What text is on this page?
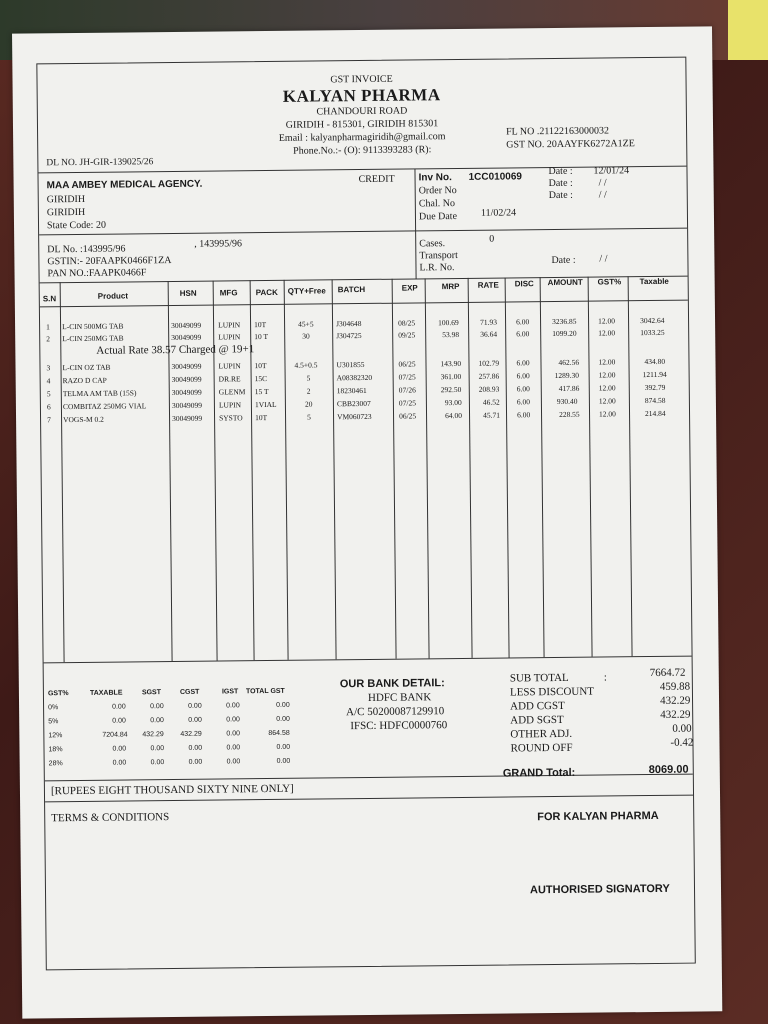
GST INVOICE
KALYAN PHARMA
CHANDOURI ROAD
GIRIDIH - 815301, GIRIDIH 815301
Email : kalyanpharmagiridih@gmail.com
Phone.No.:- (O): 9113393283 (R):
DL NO. JH-GIR-139025/26
FL NO .21122163000032
GST NO. 20AAYFK6272A1ZE
MAA AMBEY MEDICAL AGENCY.	CREDIT
GIRIDIH
GIRIDIH
State Code: 20
DL No. :143995/96	, 143995/96
GSTIN:- 20FAAPK0466F1ZA
PAN NO.:FAAPK0466F
Inv No. 1CC010069
Order No
Chal. No
Due Date 11/02/24
Date : 12/01/24
Date :	/ /
Date :	/ /
Cases.	0
Transport
L.R. No.
Date : / /
S.N	Product	HSN	MFG PACK QTY+Free BATCH	EXP	MRP RATE DISC AMOUNT GST% Taxable
1 L-CIN 500MG TAB	30049099 LUPIN 10T	45+5	J304648	08/25	100.69	71.93	6.00	3236.85	12.00	3042.64
2 L-CIN 250MG TAB	30049099 LUPIN 10 T	30	J304725	09/25	53.98	36.64	6.00	1099.20	12.00	1033.25
Actual Rate 38.57 Charged @ 19+1
3 L-CIN OZ TAB	30049099 LUPIN 10T	4.5+0.5	U301855	06/25	143.90 102.79 6.00	462.56	12.00	434.80
4 RAZO D CAP	30049099 DR.RE 15C	5	A08382320	07/25	361.00 257.86 6.00	1289.30	12.00	1211.94
5 TELMA AM TAB (15S)	30049099 GLENM 15 T	2	18230461	07/26	292.50 208.93 6.00	417.86	12.00	392.79
6 COMBITAZ 250MG VIAL	30049099 LUPIN 1VIAL	20	CBB23007	07/25	93.00	46.52 6.00	930.40	12.00	874.58
7 VOGS-M 0.2	30049099 SYSTO 10T	5	VM060723	06/25	64.00	45.71 6.00	228.55	12.00	214.84
GST%	TAXABLE	SGST	CGST	IGST TOTAL GST
0%	0.00	0.00	0.00	0.00	0.00
5%	0.00	0.00	0.00	0.00	0.00
12%	7204.84 432.29 432.29	0.00	864.58
18%	0.00	0.00	0.00	0.00	0.00
28%	0.00	0.00	0.00	0.00	0.00
OUR BANK DETAIL:
HDFC BANK
A/C 50200087129910
IFSC: HDFC0000760
SUB TOTAL	:	7664.72
LESS DISCOUNT	459.88
ADD CGST	432.29
ADD SGST	432.29
OTHER ADJ.	0.00
ROUND OFF	-0.42
[RUPEES EIGHT THOUSAND SIXTY NINE ONLY]
GRAND Total:	8069.00
TERMS & CONDITIONS	FOR KALYAN PHARMA
AUTHORISED SIGNATORY
